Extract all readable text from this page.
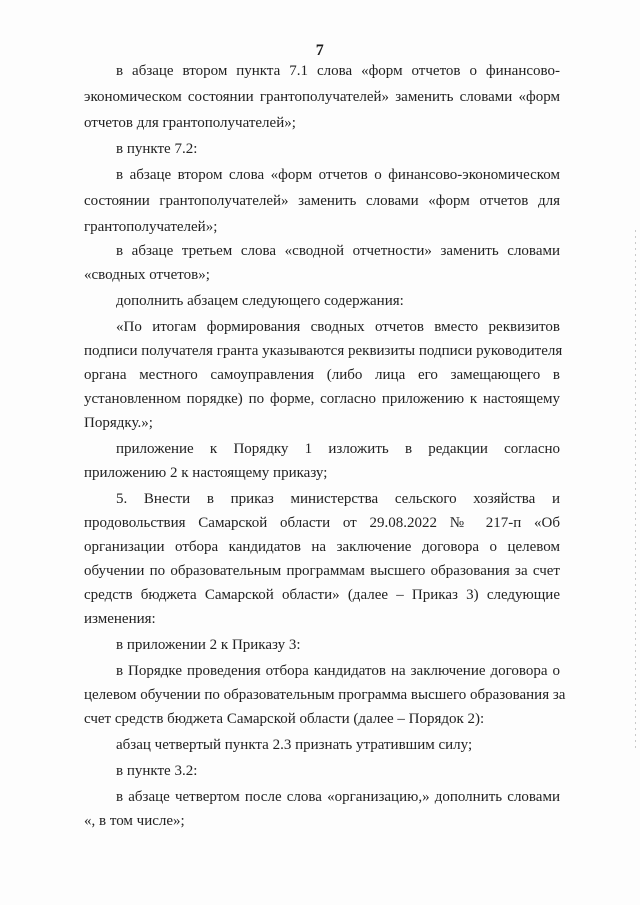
7
в абзаце втором пункта 7.1 слова «форм отчетов о финансово-
экономическом состоянии грантополучателей» заменить словами «форм
отчетов для грантополучателей»;
в пункте 7.2:
в абзаце втором слова «форм отчетов о финансово-экономическом
состоянии грантополучателей» заменить словами «форм отчетов для
грантополучателей»;
в абзаце третьем слова «сводной отчетности» заменить словами
«сводных отчетов»;
дополнить абзацем следующего содержания:
«По итогам формирования сводных отчетов вместо реквизитов
подписи получателя гранта указываются реквизиты подписи руководителя
органа местного самоуправления (либо лица его замещающего в
установленном порядке) по форме, согласно приложению к настоящему
Порядку.»;
приложение к Порядку 1 изложить в редакции согласно
приложению 2 к настоящему приказу;
5. Внести в приказ министерства сельского хозяйства и
продовольствия Самарской области от 29.08.2022 № 217-п «Об
организации отбора кандидатов на заключение договора о целевом
обучении по образовательным программам высшего образования за счет
средств бюджета Самарской области» (далее – Приказ 3) следующие
изменения:
в приложении 2 к Приказу 3:
в Порядке проведения отбора кандидатов на заключение договора о
целевом обучении по образовательным программа высшего образования за
счет средств бюджета Самарской области (далее – Порядок 2):
абзац четвертый пункта 2.3 признать утратившим силу;
в пункте 3.2:
в абзаце четвертом после слова «организацию,» дополнить словами
«, в том числе»;
